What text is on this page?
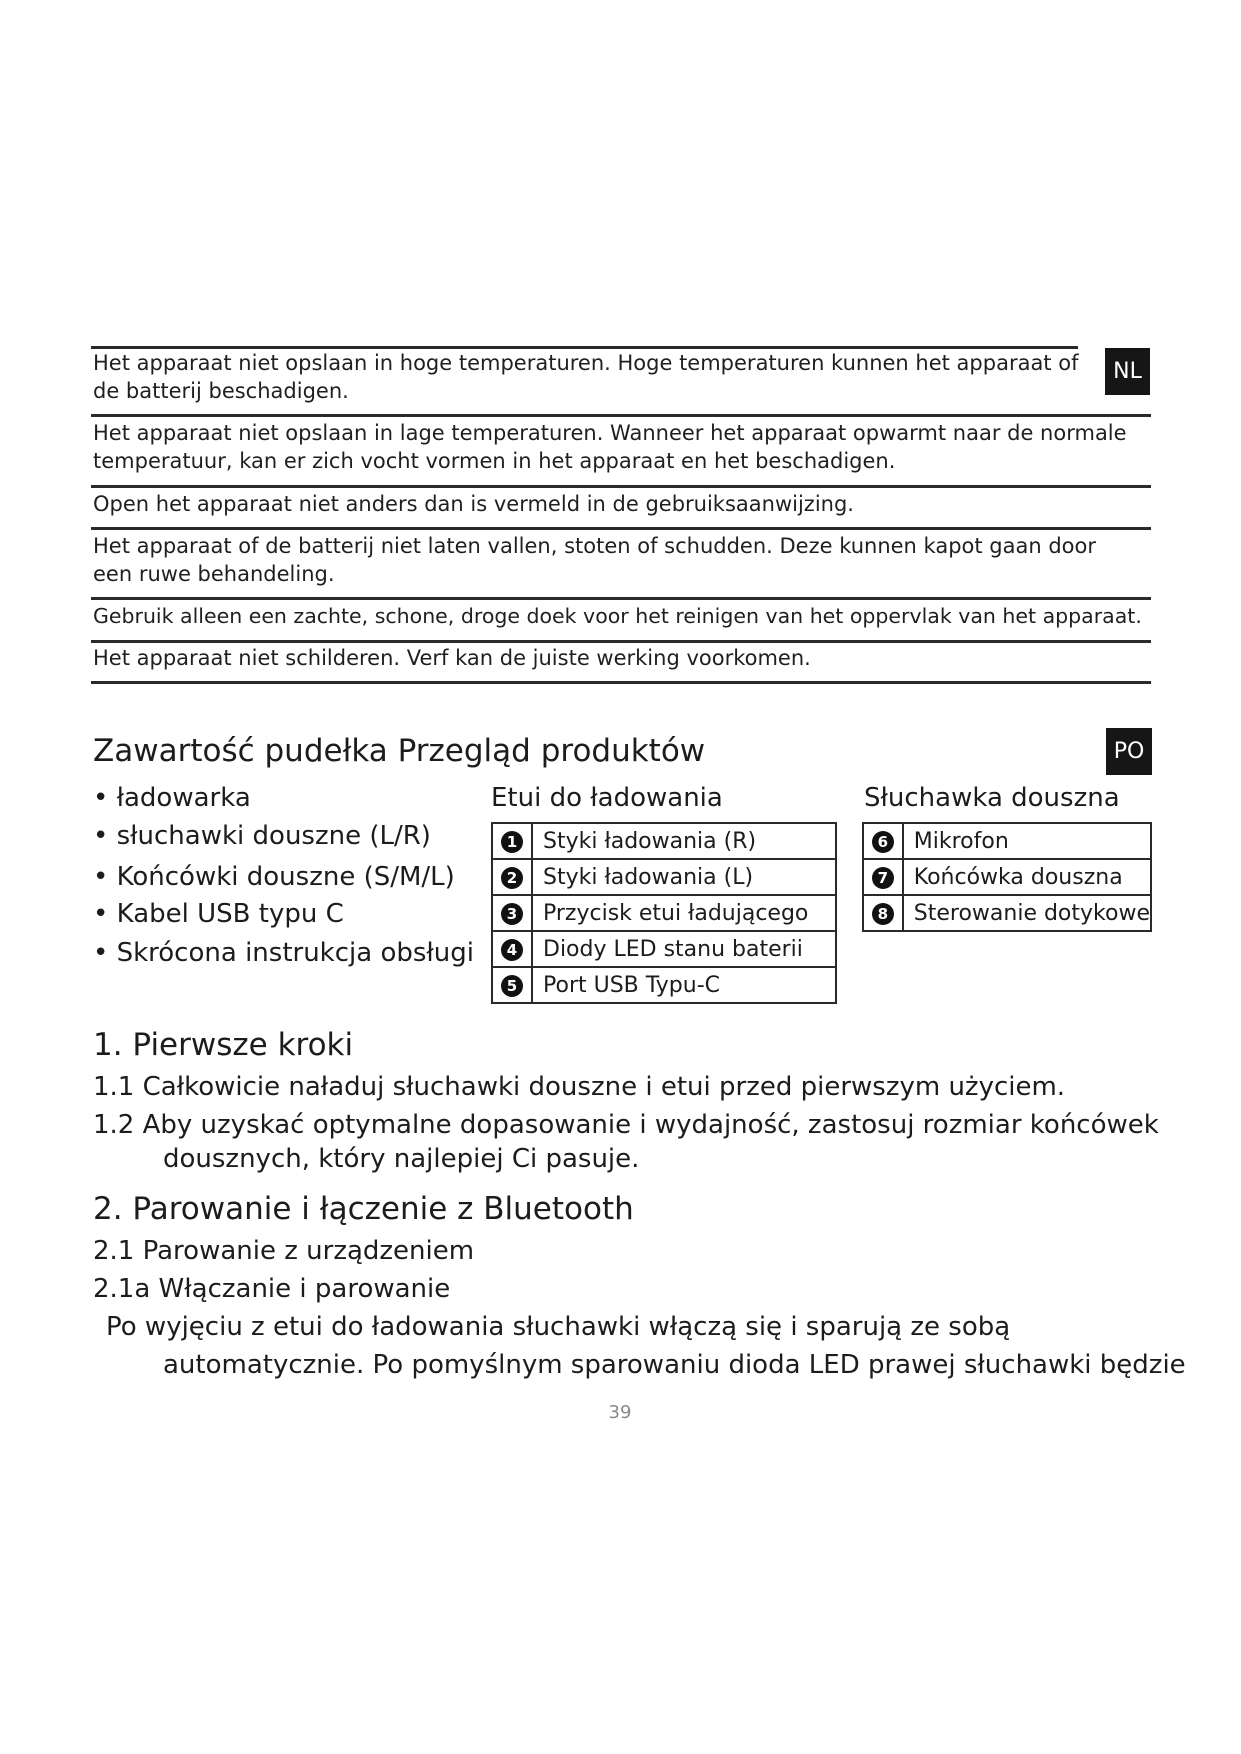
NL
Het apparaat niet opslaan in hoge temperaturen. Hoge temperaturen kunnen het apparaat of de batterij beschadigen.
Het apparaat niet opslaan in lage temperaturen. Wanneer het apparaat opwarmt naar de normale temperatuur, kan er zich vocht vormen in het apparaat en het beschadigen.
Open het apparaat niet anders dan is vermeld in de gebruiksaanwijzing.
Het apparaat of de batterij niet laten vallen, stoten of schudden. Deze kunnen kapot gaan door een ruwe behandeling.
Gebruik alleen een zachte, schone, droge doek voor het reinigen van het oppervlak van het apparaat.
Het apparaat niet schilderen. Verf kan de juiste werking voorkomen.
PO
Zawartość pudełka Przegląd produktów
• ładowarka
• słuchawki douszne (L/R)
• Końcówki douszne (S/M/L)
• Kabel USB typu C
• Skrócona instrukcja obsługi
Etui do ładowania
1	Styki ładowania (R)
2	Styki ładowania (L)
3	Przycisk etui ładującego
4	Diody LED stanu baterii
5	Port USB Typu-C
Słuchawka douszna
6	Mikrofon
7	Końcówka douszna
8	Sterowanie dotykowe
1. Pierwsze kroki
1.1 Całkowicie naładuj słuchawki douszne i etui przed pierwszym użyciem.
1.2 Aby uzyskać optymalne dopasowanie i wydajność, zastosuj rozmiar końcówek
dousznych, który najlepiej Ci pasuje.
2. Parowanie i łączenie z Bluetooth
2.1 Parowanie z urządzeniem
2.1a Włączanie i parowanie
Po wyjęciu z etui do ładowania słuchawki włączą się i sparują ze sobą
automatycznie. Po pomyślnym sparowaniu dioda LED prawej słuchawki będzie
39
